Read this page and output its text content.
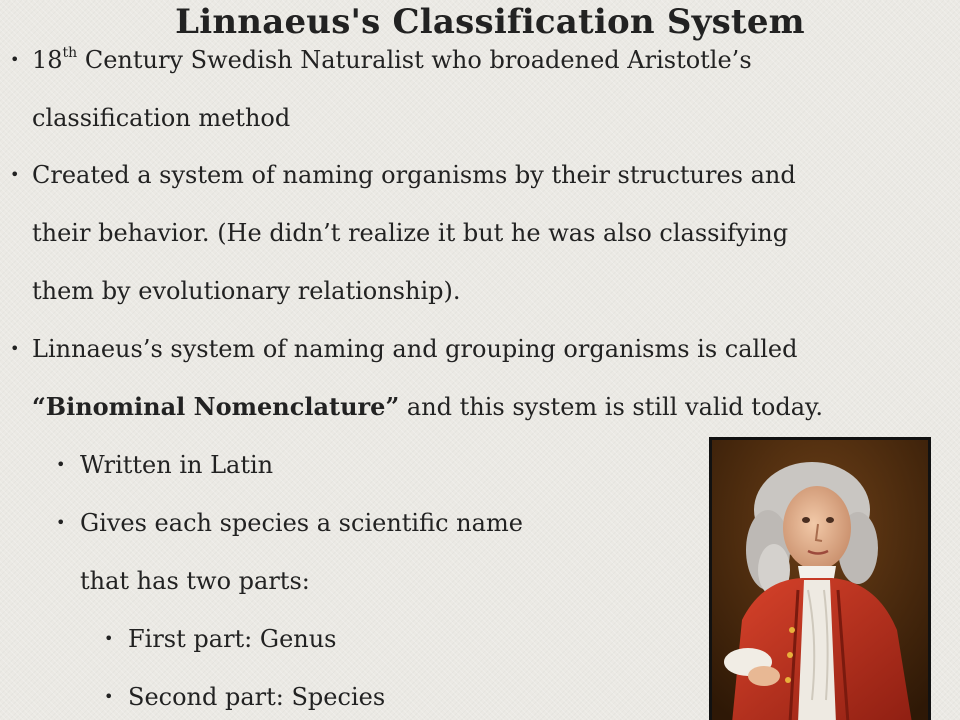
Linnaeus's Classification System
• 18th Century Swedish Naturalist who broadened Aristotle’s
classification method
• Created a system of naming organisms by their structures and
their behavior. (He didn’t realize it but he was also classifying
them by evolutionary relationship).
• Linnaeus’s system of naming and grouping organisms is called
“Binominal Nomenclature” and this system is still valid today.
• Written in Latin
• Gives each species a scientific name
that has two parts:
• First part: Genus
• Second part: Species
